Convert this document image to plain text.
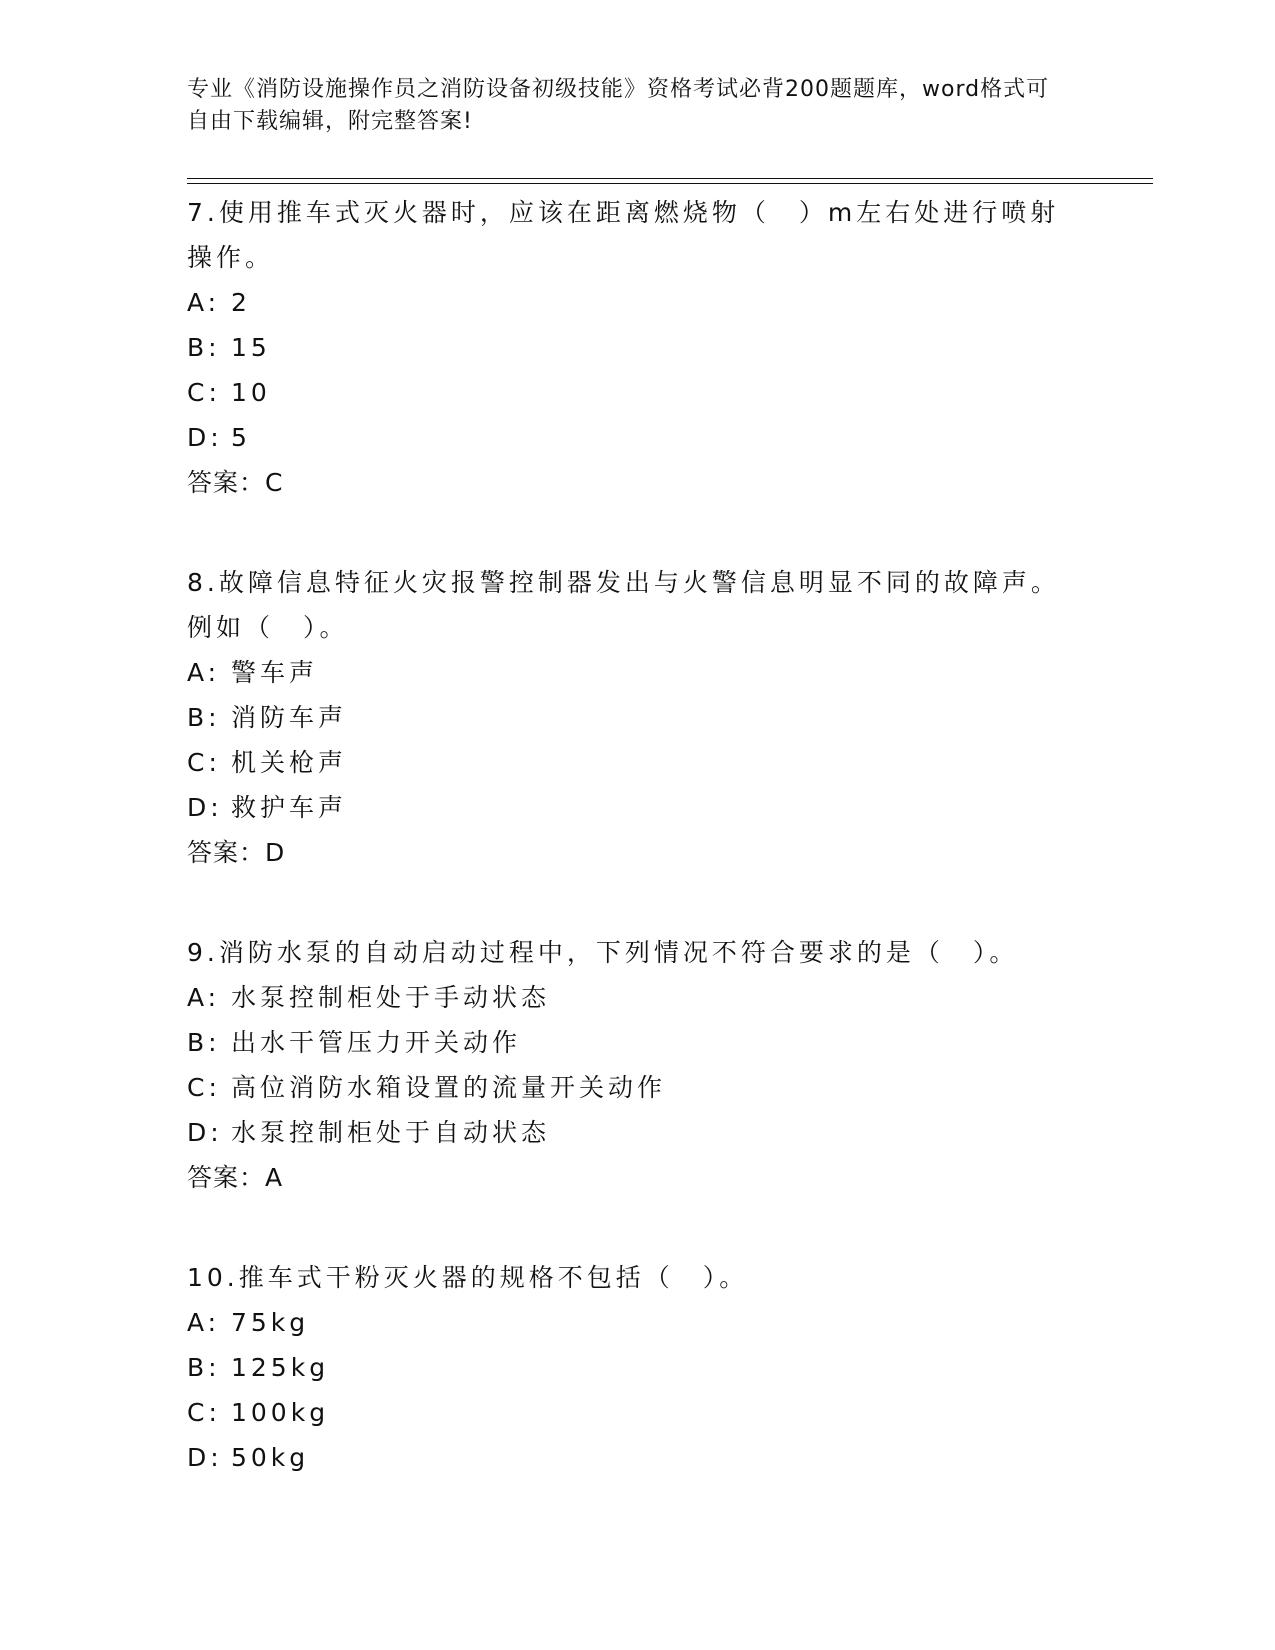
专业《消防设施操作员之消防设备初级技能》资格考试必背200题题库，word格式可自由下载编辑，附完整答案!

7.使用推车式灭火器时，应该在距离燃烧物（　）m左右处进行喷射操作。

A: 2
B: 15
C: 10
D: 5

答案：C

8.故障信息特征火灾报警控制器发出与火警信息明显不同的故障声。例如（　）。

A: 警车声
B: 消防车声
C: 机关枪声
D: 救护车声

答案：D

9.消防水泵的自动启动过程中，下列情况不符合要求的是（　）。

A: 水泵控制柜处于手动状态
B: 出水干管压力开关动作
C: 高位消防水箱设置的流量开关动作
D: 水泵控制柜处于自动状态

答案：A

10.推车式干粉灭火器的规格不包括（　）。

A: 75kg
B: 125kg
C: 100kg
D: 50kg
